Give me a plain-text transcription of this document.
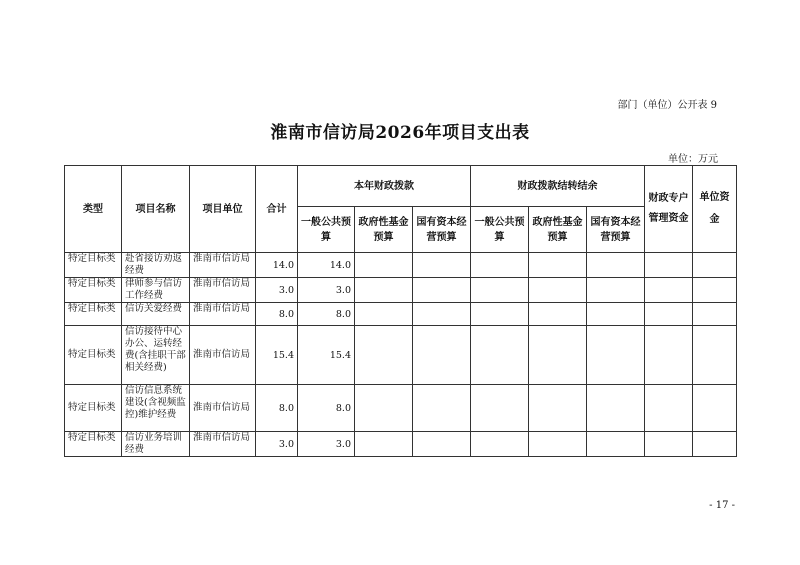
部门（单位）公开表 9
淮南市信访局2026年项目支出表
单位：万元
类型	项目名称	项目单位	合计	本年财政拨款			财政拨款结转结余			财政专户管理资金	单位资金
				一般公共预算	政府性基金预算	国有资本经营预算	一般公共预算	政府性基金预算	国有资本经营预算		
特定目标类	赴省接访劝返经费	淮南市信访局	14.0	14.0							
特定目标类	律师参与信访工作经费	淮南市信访局	3.0	3.0							
特定目标类	信访关爱经费	淮南市信访局	8.0	8.0							
特定目标类	信访接待中心办公、运转经费(含挂职干部相关经费)	淮南市信访局	15.4	15.4							
特定目标类	信访信息系统建设(含视频监控)维护经费	淮南市信访局	8.0	8.0							
特定目标类	信访业务培训经费	淮南市信访局	3.0	3.0							
- 17 -
